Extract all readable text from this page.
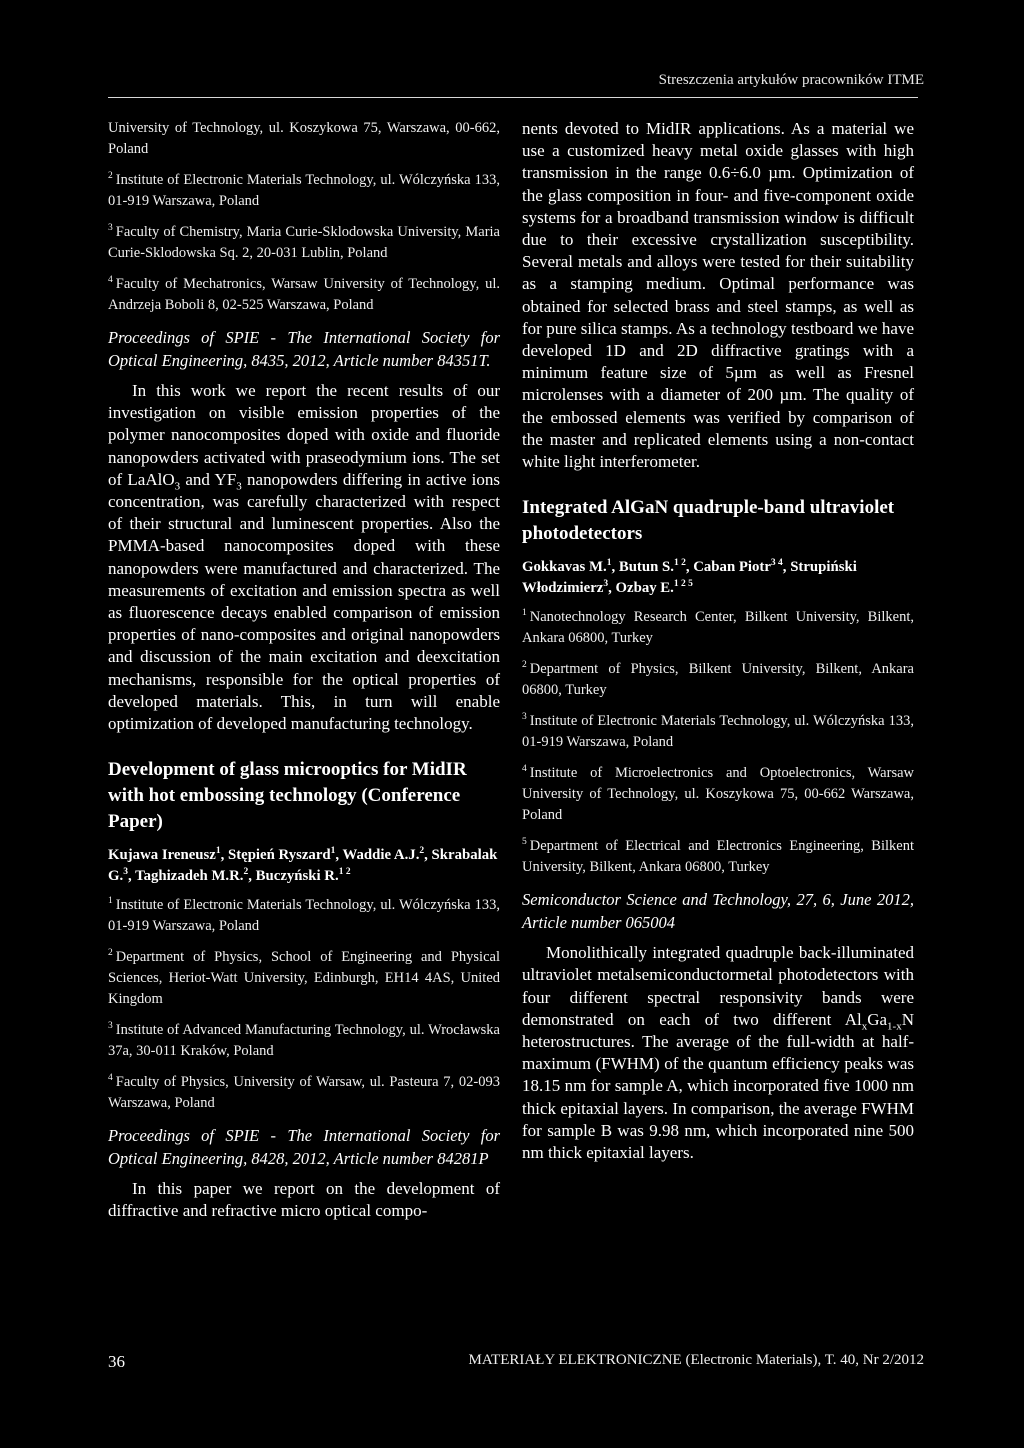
Streszczenia artykułów pracowników ITME

University of Technology, ul. Koszykowa 75, Warszawa, 00-662, Poland

$^2$ Institute of Electronic Materials Technology, ul. Wólczyńska 133, 01-919 Warszawa, Poland

$^3$ Faculty of Chemistry, Maria Curie-Sklodowska University, Maria Curie-Sklodowska Sq. 2, 20-031 Lublin, Poland

$^4$ Faculty of Mechatronics, Warsaw University of Technology, ul. Andrzeja Boboli 8, 02-525 Warszawa, Poland

Proceedings of SPIE - The International Society for Optical Engineering, 8435, 2012, Article number 84351T.

In this work we report the recent results of our investigation on visible emission properties of the polymer nanocomposites doped with oxide and fluoride nanopowders activated with praseodymium ions. The set of LaAlO$_3$ and $YF_3$ nanopowders differing in active ions concentration, was carefully characterized with respect of their structural and luminescent properties. Also the PMMA-based nanocomposites doped with these nanopowders were manufactured and characterized. The measurements of excitation and emission spectra as well as fluorescence decays enabled comparison of emission properties of nano-composites and original nanopowders and discussion of the main excitation and deexcitation mechanisms, responsible for the optical properties of developed materials. This, in turn will enable optimization of developed manufacturing technology.

Development of glass microoptics for MidIR with hot embossing technology (Conference Paper)

Kujawa Ireneusz$^1$, Stępień Ryszard$^1$, Waddie A.J.$^2$, Skrabalak G.$^3$, Taghizadeh M.R.$^2$, Buczyński R.$^{1 2}$

$^1$ Institute of Electronic Materials Technology, ul. Wólczyńska 133, 01-919 Warszawa, Poland

$^2$ Department of Physics, School of Engineering and Physical Sciences, Heriot-Watt University, Edinburgh, EH14 4AS, United Kingdom

$^3$ Institute of Advanced Manufacturing Technology, ul. Wrocławska 37a, 30-011 Kraków, Poland

$^4$ Faculty of Physics, University of Warsaw, ul. Pasteura 7, 02-093 Warszawa, Poland

Proceedings of SPIE - The International Society for Optical Engineering, 8428, 2012, Article number 84281P

In this paper we report on the development of diffractive and refractive micro optical compo-

nents devoted to MidIR applications. As a material we use a customized heavy metal oxide glasses with high transmission in the range 0.6÷6.0 µm. Optimization of the glass composition in four- and five-component oxide systems for a broadband transmission window is difficult due to their excessive crystallization susceptibility. Several metals and alloys were tested for their suitability as a stamping medium. Optimal performance was obtained for selected brass and steel stamps, as well as for pure silica stamps. As a technology testboard we have developed 1D and 2D diffractive gratings with a minimum feature size of 5µm as well as Fresnel microlenses with a diameter of 200 µm. The quality of the embossed elements was verified by comparison of the master and replicated elements using a non-contact white light interferometer.

Integrated AlGaN quadruple-band ultraviolet photodetectors

Gokkavas M.$^1$, Butun S.$^{1 2}$, Caban Piotr$^{3 4}$, Strupiński Włodzimierz$^3$, Ozbay E.$^{1 2 5}$

$^1$ Nanotechnology Research Center, Bilkent University, Bilkent, Ankara 06800, Turkey

$^2$ Department of Physics, Bilkent University, Bilkent, Ankara 06800, Turkey

$^3$ Institute of Electronic Materials Technology, ul. Wólczyńska 133, 01-919 Warszawa, Poland

$^4$ Institute of Microelectronics and Optoelectronics, Warsaw University of Technology, ul. Koszykowa 75, 00-662 Warszawa, Poland

$^5$ Department of Electrical and Electronics Engineering, Bilkent University, Bilkent, Ankara 06800, Turkey

Semiconductor Science and Technology, 27, 6, June 2012, Article number 065004

Monolithically integrated quadruple back-illuminated ultraviolet metalsemiconductormetal photodetectors with four different spectral responsivity bands were demonstrated on each of two different $Al_xGa_{1-x}N$ heterostructures. The average of the full-width at half-maximum (FWHM) of the quantum efficiency peaks was 18.15 nm for sample A, which incorporated five 1000 nm thick epitaxial layers. In comparison, the average FWHM for sample B was 9.98 nm, which incorporated nine 500 nm thick epitaxial layers.

36	MATERIAŁY ELEKTRONICZNE (Electronic Materials), T. 40, Nr 2/2012
